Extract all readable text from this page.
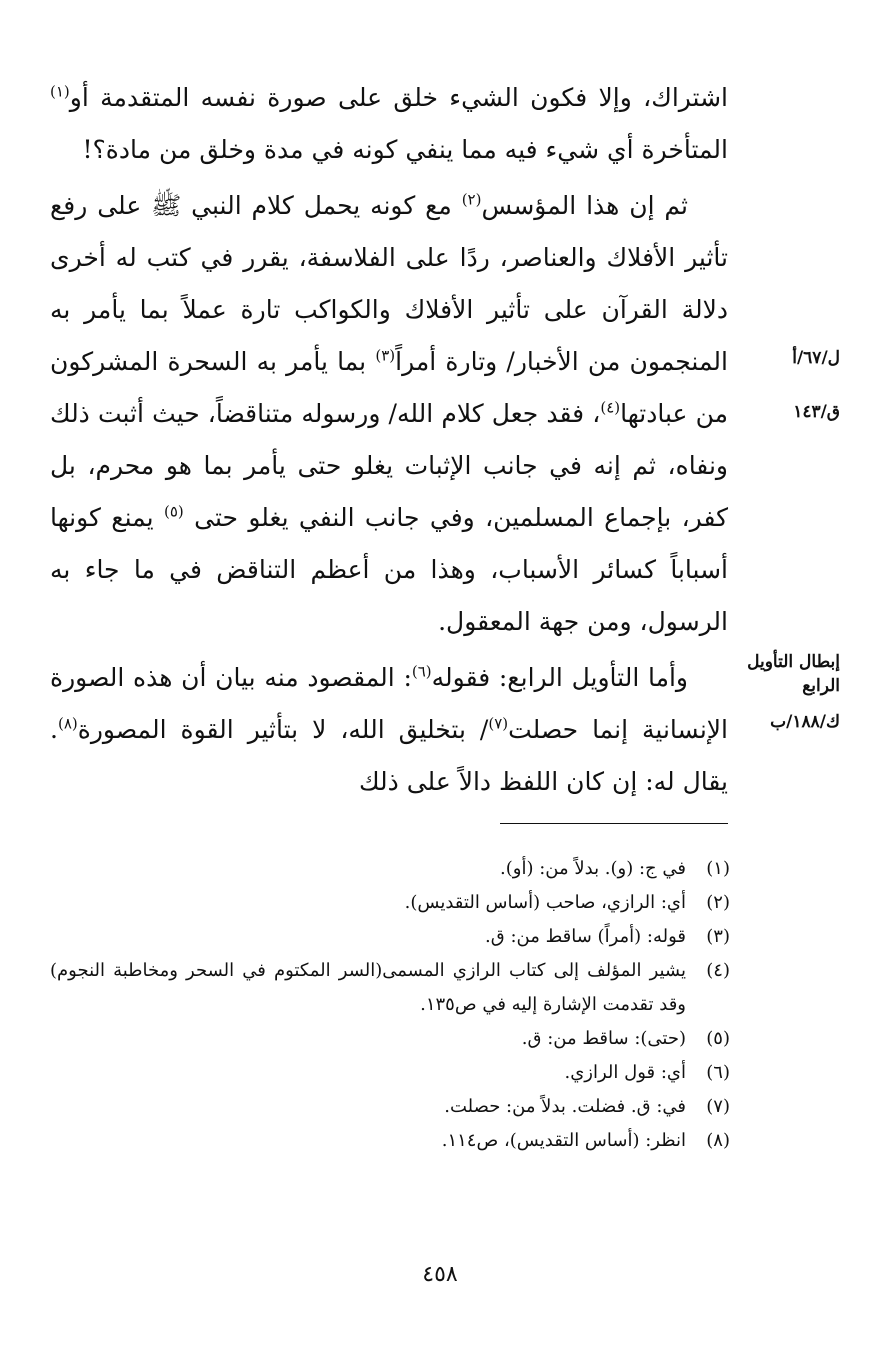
اشتراك، وإلا فكون الشيء خلق على صورة نفسه المتقدمة أو$^{(١)}$ المتأخرة أي شيء فيه مما ينفي كونه في مدة وخلق من مادة؟!

ثم إن هذا المؤسس$^{(٢)}$ مع كونه يحمل كلام النبي ﷺ على رفع تأثير الأفلاك والعناصر، ردًا على الفلاسفة، يقرر في كتب له أخرى دلالة القرآن على تأثير الأفلاك والكواكب تارة عملاً بما يأمر به المنجمون من الأخبار/ وتارة أمراً$^{(٣)}$ بما يأمر به السحرة المشركون من عبادتها$^{(٤)}$، فقد جعل كلام الله/ ورسوله متناقضاً، حيث أثبت ذلك ونفاه، ثم إنه في جانب الإثبات يغلو حتى يأمر بما هو محرم، بل كفر، بإجماع المسلمين، وفي جانب النفي يغلو حتى $^{(٥)}$ يمنع كونها أسباباً كسائر الأسباب، وهذا من أعظم التناقض في ما جاء به الرسول، ومن جهة المعقول.

وأما التأويل الرابع: فقوله$^{(٦)}$: المقصود منه بيان أن هذه الصورة الإنسانية إنما حصلت$^{(٧)}$/ بتخليق الله، لا بتأثير القوة المصورة$^{(٨)}$. يقال له: إن كان اللفظ دالاً على ذلك

ل/٦٧/أ
ق/١٤٣
إبطال التأويل الرابع
ك/١٨٨/ب
(١)
في ج: (و). بدلاً من: (أو).
(٢)
أي: الرازي، صاحب (أساس التقديس).
(٣)
قوله: (أمراً) ساقط من: ق.
(٤)
يشير المؤلف إلى كتاب الرازي المسمى(السر المكتوم في السحر ومخاطبة النجوم) وقد تقدمت الإشارة إليه في ص١٣٥.
(٥)
(حتى): ساقط من: ق.
(٦)
أي: قول الرازي.
(٧)
في: ق. فضلت. بدلاً من: حصلت.
(٨)
انظر: (أساس التقديس)، ص١١٤.
٤٥٨
